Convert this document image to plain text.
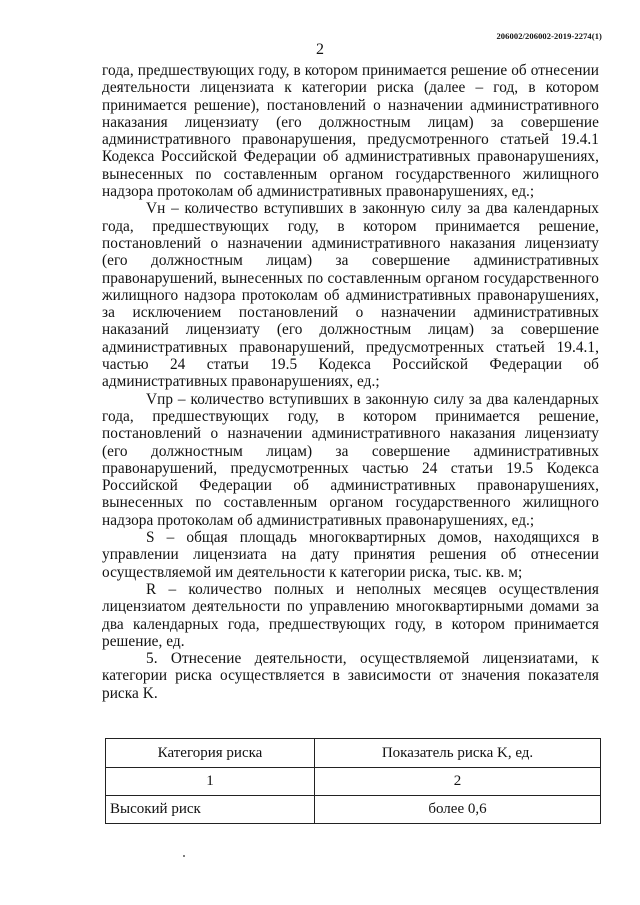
206002/206002-2019-2274(1)
2

года, предшествующих году, в котором принимается решение об отнесении деятельности лицензиата к категории риска (далее – год, в котором принимается решение), постановлений о назначении административного наказания лицензиату (его должностным лицам) за совершение административного правонарушения, предусмотренного статьей 19.4.1 Кодекса Российской Федерации об административных правонарушениях, вынесенных по составленным органом государственного жилищного надзора протоколам об административных правонарушениях, ед.;

Vн – количество вступивших в законную силу за два календарных года, предшествующих году, в котором принимается решение, постановлений о назначении административного наказания лицензиату (его должностным лицам) за совершение административных правонарушений, вынесенных по составленным органом государственного жилищного надзора протоколам об административных правонарушениях, за исключением постановлений о назначении административных наказаний лицензиату (его должностным лицам) за совершение административных правонарушений, предусмотренных статьей 19.4.1, частью 24 статьи 19.5 Кодекса Российской Федерации об административных правонарушениях, ед.;

Vпр – количество вступивших в законную силу за два календарных года, предшествующих году, в котором принимается решение, постановлений о назначении административного наказания лицензиату (его должностным лицам) за совершение административных правонарушений, предусмотренных частью 24 статьи 19.5 Кодекса Российской Федерации об административных правонарушениях, вынесенных по составленным органом государственного жилищного надзора протоколам об административных правонарушениях, ед.;

S – общая площадь многоквартирных домов, находящихся в управлении лицензиата на дату принятия решения об отнесении осуществляемой им деятельности к категории риска, тыс. кв. м;

R – количество полных и неполных месяцев осуществления лицензиатом деятельности по управлению многоквартирными домами за два календарных года, предшествующих году, в котором принимается решение, ед.

5. Отнесение деятельности, осуществляемой лицензиатами, к категории риска осуществляется в зависимости от значения показателя риска K.

Категория риска	Показатель риска K, ед.
1	2
Высокий риск	более 0,6
